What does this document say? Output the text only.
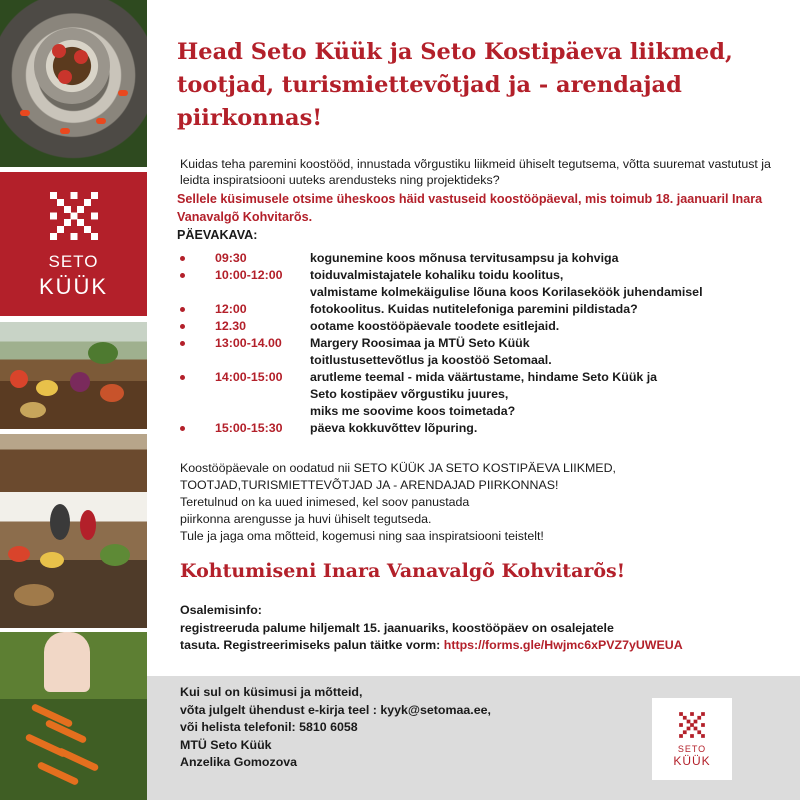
SETO
KÜÜK
Head Seto Küük ja Seto Kostipäeva liikmed, tootjad, turismiettevõtjad ja - arendajad piirkonnas!

Kuidas teha paremini koostööd, innustada võrgustiku liikmeid ühiselt tegutsema, võtta suuremat vastutust ja leidta inspiratsiooni uuteks arendusteks ning projektideks?

Sellele küsimusele otsime üheskoos häid vastuseid koostööpäeval, mis toimub 18. jaanuaril Inara Vanavalgõ Kohvitarõs.

PÄEVAKAVA:
09:30	kogunemine koos mõnusa tervitusampsu ja kohviga
10:00-12:00	toiduvalmistajatele kohaliku toidu koolitus,
valmistame kolmekäigulise lõuna koos Korilaseköök juhendamisel
12:00	fotokoolitus. Kuidas nutitelefoniga paremini pildistada?
12.30	ootame koostööpäevale toodete esitlejaid.
13:00-14.00	Margery Roosimaa ja MTÜ Seto Küük
toitlustusettevõtlus ja koostöö Setomaal.
14:00-15:00	arutleme teemal - mida väärtustame, hindame Seto Küük ja
Seto kostipäev võrgustiku juures,
miks me soovime koos toimetada?
15:00-15:30	päeva kokkuvõttev lõpuring.

Koostööpäevale on oodatud nii SETO KÜÜK JA SETO KOSTIPÄEVA LIIKMED,
TOOTJAD,TURISMIETTEVÕTJAD JA - ARENDAJAD PIIRKONNAS!
Teretulnud on ka uued inimesed, kel soov panustada
piirkonna arengusse ja huvi ühiselt tegutseda.
Tule ja jaga oma mõtteid, kogemusi ning saa inspiratsiooni teistelt!

Kohtumiseni Inara Vanavalgõ Kohvitarõs!
Osalemisinfo:

registreeruda palume hiljemalt 15. jaanuariks, koostööpäev on osalejatele
tasuta. Registreerimiseks palun täitke vorm: https://forms.gle/Hwjmc6xPVZ7yUWEUA

Kui sul on küsimusi ja mõtteid,
võta julgelt ühendust e-kirja teel : kyyk@setomaa.ee,
või helista telefonil: 5810 6058
MTÜ Seto Küük
Anzelika Gomozova

SETO
KÜÜK
